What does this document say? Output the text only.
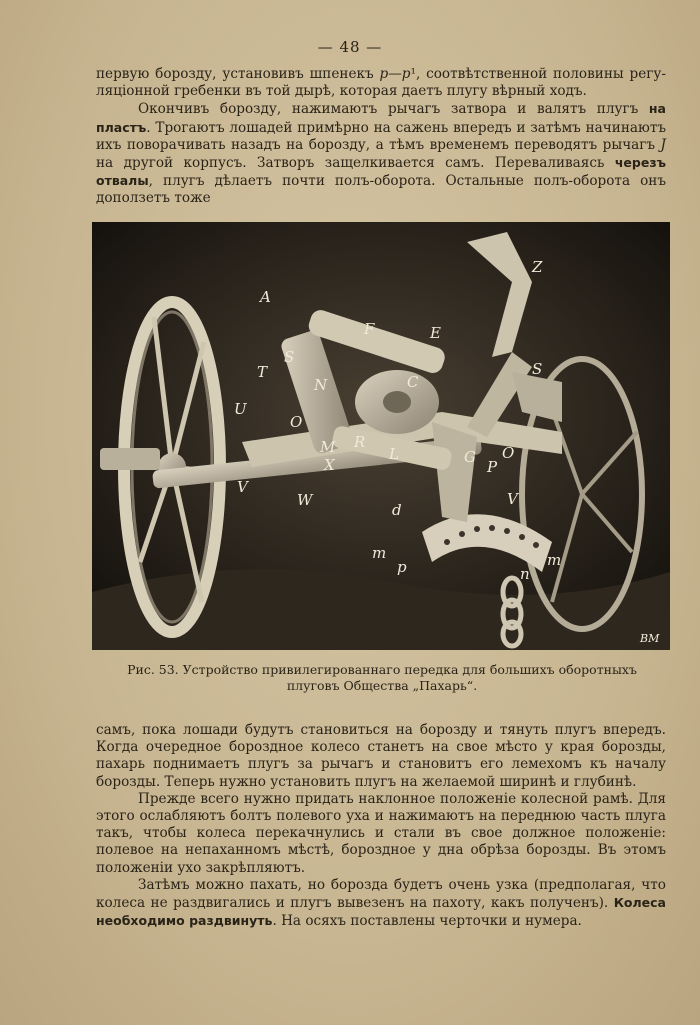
— 48 —

первую борозду, установивъ шпенекъ p—p¹, соотвѣтственной половины регу-ляціонной гребенки въ той дырѣ, которая даетъ плугу вѣрный ходъ.

Окончивъ борозду, нажимаютъ рычагъ затвора и валятъ плугъ на пластъ. Трогаютъ лошадей примѣрно на сажень впередъ и затѣмъ начинаютъ ихъ поворачивать назадъ на борозду, а тѣмъ временемъ переводятъ рычагъ J на другой корпусъ. Затворъ защелкивается самъ. Переваливаясь черезъ отвалы, плугъ дѣлаетъ почти полъ-оборота. Остальные полъ-оборота онъ доползетъ тоже

A
F	E
Z
S
S
T
N	C
U
O
M R
V
X
W	V
L	G
P
O
m
p	n
m
d
ВМ
Рис. 53. Устройство привилегированнаго передка для большихъ оборотныхъ
плуговъ Общества „Пахарь“.

самъ, пока лошади будутъ становиться на борозду и тянуть плугъ впередъ. Когда очередное бороздное колесо станетъ на свое мѣсто у края борозды, пахарь поднимаетъ плугъ за рычагъ и становитъ его лемехомъ къ началу борозды. Теперь нужно установить плугъ на желаемой ширинѣ и глубинѣ.

Прежде всего нужно придать наклонное положеніе колесной рамѣ. Для этого ослабляютъ болтъ полевого уха и нажимаютъ на переднюю часть плуга такъ, чтобы колеса перекачнулись и стали въ свое должное положеніе: полевое на непаханномъ мѣстѣ, бороздное у дна обрѣза борозды. Въ этомъ положеніи ухо закрѣпляютъ.

Затѣмъ можно пахать, но борозда будетъ очень узка (предполагая, что колеса не раздвигались и плугъ вывезенъ на пахоту, какъ полученъ). Колеса необходимо раздвинуть. На осяхъ поставлены черточки и нумера.
